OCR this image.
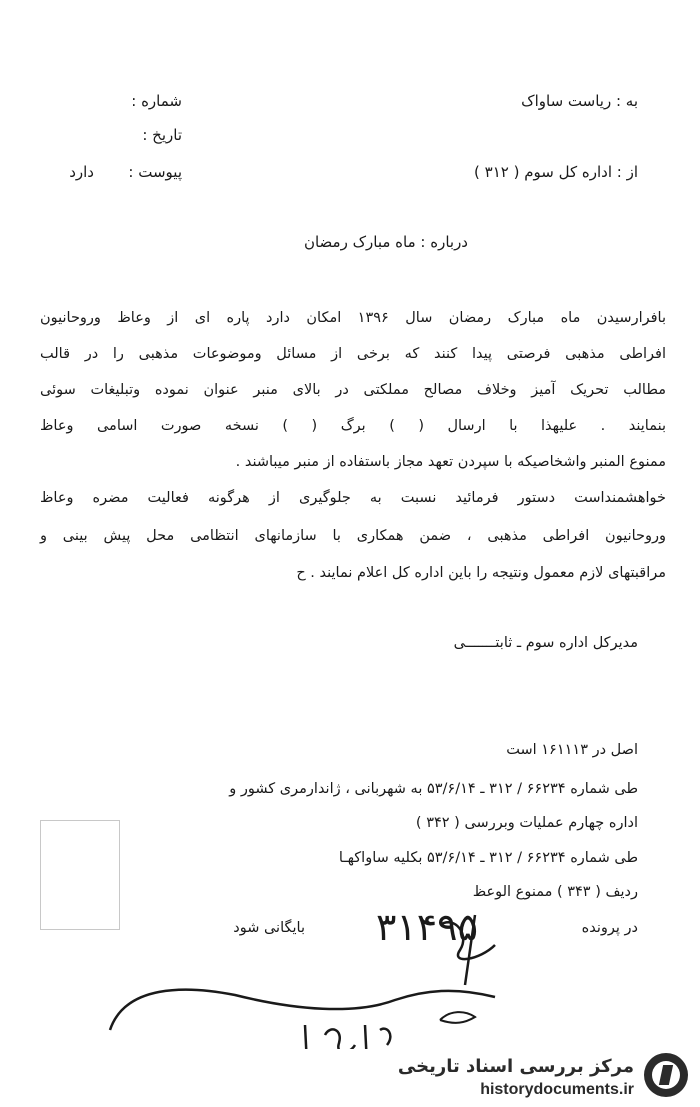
به : ریاست ساواک
شماره :
تاریخ :
از : اداره کل سوم ( ۳۱۲ )
پیوست :
دارد
درباره : ماه مبارک رمضان
بافرارسیدن ماه مبارک رمضان سال ۱۳۹۶ امکان دارد پاره ای از وعاظ وروحانیون
افراطی مذهبی فرصتی پیدا کنند که برخی از مسائل وموضوعات مذهبی را در قالب
مطالب تحریک آمیز وخلاف مصالح مملکتی در بالای منبر عنوان نموده وتبلیغات سوئی
بنمایند . علیهذا با ارسال ( ) برگ ( ) نسخه صورت اسامی وعاظ
ممنوع المنبر واشخاصیکه با سپردن تعهد مجاز باستفاده از منبر میباشند .
خواهشمنداست دستور فرمائید نسبت به جلوگیری از هرگونه فعالیت مضره وعاظ
وروحانیون افراطی مذهبی ، ضمن همکاری با سازمانهای انتظامی محل پیش بینی و
مراقبتهای لازم معمول ونتیجه را باین اداره کل اعلام نمایند . ح
مدیرکل اداره سوم ـ ثابتـــــــی
اصل در ۱۶۱۱۱۳ است
طی شماره ۶۶۲۳۴ / ۳۱۲ ـ ۵۳/۶/۱۴ به شهربانی ، ژاندارمری کشور و
اداره چهارم عملیات وبررسی ( ۳۴۲ )
طی شماره ۶۶۲۳۴ / ۳۱۲ ـ ۵۳/۶/۱۴ بکلیه ساواکهـا
ردیف ( ۳۴۳ ) ممنوع الوعظ
در پرونده
۳۱۴۹۵
بایگانی شود
مرکز بررسی اسناد تاریخی
historydocuments.ir
